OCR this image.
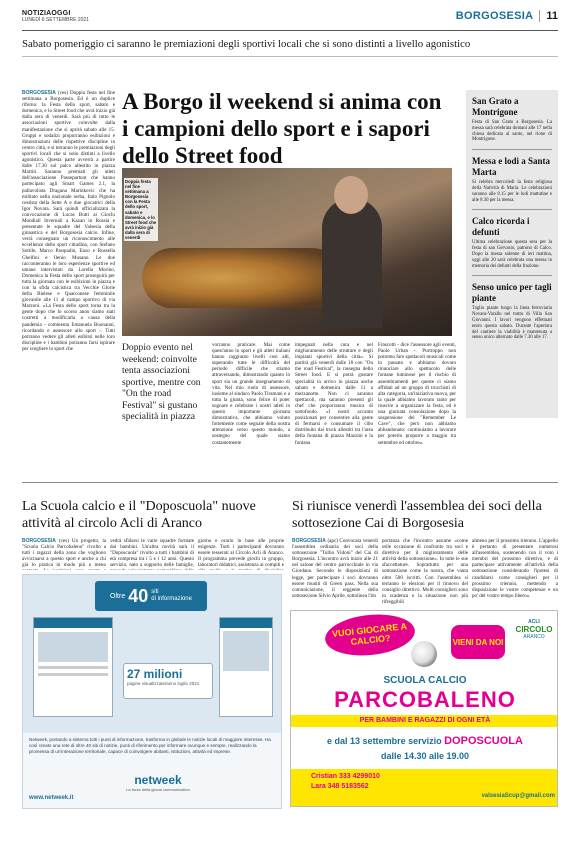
NOTIZIAOGGI
LUNEDÌ 6 SETTEMBRE 2021	BORGOSESIA	11
Sabato pomeriggio ci saranno le premiazioni degli sportivi locali che si sono distinti a livello agonistico
BORGOSESIA (ces) Doppia festa nel fine settimana a Borgosesia. Ed è un duplice riforno: la Festa dello sport, sabato e domenica, e lo Street food che avrà inizio già dalla sera di venerdì. Sarà più di tutto le associazioni sportive coinvolte dalla manifestazione che si aprirà sabato alle 15. Gruppi e sodalizi proporranno esibizioni e dimostrazioni delle rispettive discipline in centro città, e si terranno le premiazioni degli sportivi locali che si sono distinti a livello agonistico. Questa parte avverrà a partire dalle 17.30 sul palco allestito in piazza Martiri. Saranno premiati gli atleti dell'associazione Passepartout che hanno partecipato agli Smart Games 2.1, la pallavolista Dragana Marinkovic che ha militato nella nazionale serba, Italo Pignolo cestista della Sette A e due giocatrici della Igor Novara. Sarà quindi ufficializzata la convocazione di Lucas Butti ai Giochi Mondiali Invernali a Kazan in Russia e presentate le squadre del Valsesia della ginnastica e del Borgosesia calcio. Infine, verrà consegnato un riconoscimento alle eccellenze dello sport cittadino, con Stefano Sottile, Marco Pasqualin, Enzo e Rossella Ghelfini e Ilenio Musano. Le due racconteranno le loro esperienze sportive ed umane intervistati da Lorella Morino, Domenica la Festa dello sport proseguirà per tutta la giornata con le esibizioni in piazza e con la sfida calcistica tra Vecchie Glorie della Bielese e Quarconese femminile giovanile alle 11 al campo sportivo di via Marzoni. «La Festa dello sport torna tra la gente dopo che lo scorso anno siamo stati costretti a modificarla a causa della pandemia - commenta Emanuela Buonanni, ricordando e assessore allo sport -. Tutti potranno vedere gli atleti esibirsi nelle loro discipline e i bambini potranno farsi ispirare per scegliere lo sport che
A Borgo il weekend si anima con i campioni dello sport e i sapori dello Street food
Doppia festa nel fine settimana a Borgosesia con la Festa dello sport, sabato e domenica, e lo Street food che avrà inizio già dalla sera di venerdì
Doppio evento nel weekend: coinvolte tenta associazioni sportive, mentre con "On the road Festival" si gustano specialità in piazza
vorranno praticare. Mai come quest'anno lo sport e gli atleti italiani hanno raggiunto livelli così alti, superando tutte le difficoltà del periodo difficile che stiamo attraversando, dimostrando quanto lo sport sia un grande insegnamento di vita. Nel mio ruolo di assessore, insieme al sindaco Paolo Tiramani e a tutta la giunta, sono felice di poter sognare e celebrare i nostri atleti in questo importante giornata dimostrativa, che abbiamo voluto fortemente come segnale della nostra attenzione verso questo mondo, a sostegno del quale siamo costantemente
impegnati nella cura e nel miglioramento delle strutture e degli impianti sportivi della città». Si partirà già venerdì dalle 18 con "On the road Festival", la rassegna dello Street food. E si potrà gustare specialità in arrivo in piazza anche sabato e domenica dalle 11 a mezzanotte. Non ci saranno spettacoli, ma saranno presenti gli chef che proporranno musica di sottofondo. «I nostri accanto posizionati per consentire alla gente di fermarsi e consumare il cibo distribuito dai truck allestiti tra l'area della fontana di piazza Mazzini e la fontana
Frascotti - dice l'assessore agli eventi, Paolo Urban -. Purtroppo non potremo fare spettacoli musicali come in passato e abbiamo dovuto rinunciare allo spettacolo delle fontane luminose per il rischio di assembramenti per queste ci siamo affidati ad un gruppo di trucchisti di alta categoria, un'iniziativa nuova, per la quale abbiamo lavorato tanto per riuscire a organizzare la festa, ed è una giornata consolazione dopo la sospensione del "Remember Le Cave", che però non abbiamo abbandonato: continuiamo a lavorare per poterlo proporre a maggio tra settembre ed ottobre».
San Grato a Montrigone
Festa di San Grato a Borgosesia. La messa sarà celebrata domani alle 17 nella chiesa dedicata al santo, nel rione di Montrigone.
Messa e lodi a Santa Marta
Si celebra mercoledì la festa religiosa della Natività di Maria. Le celebrazioni saranno alle 8.15 per le lodi mattutine e alle 8.30 per la messa.
Calco ricorda i defunti
Ultima celebrazione questa sera per la festa di san Gervasio, patrono di Calco. Dopo la messa solenne di ieri mattina, oggi alle 20 sarà celebrata una messa in memoria dei defunti della frazione.
Senso unico per tagli piante
Taglio piante lungo la linea ferroviaria Novara-Varallo nel tratto di Villa San Giovanni. I lavori vengono effettuati entro questa sabato. Durante l'apertura del cantiere la viabilità è mantenuta a senso unico alternato dalle 7.30 alle 17.
La Scuola calcio e il "Doposcuola" nuove attività al circolo Acli di Aranco
BORGOSESIA (ces) Un progetto, la "Scuola Calcio Parcobaleno" rivolto a tutti i ragazzi della zona che vogliono avvicinarsi a questo sport e anche a chi già lo pratica in modo più o meno
vedrà sfidarsi le varie squadre formate dai bambini. Un'altra novità sarà il "Doposcuola" rivolto a tutti i bambini di età compresa tra i 5 e i 12 anni. Questo servizio, nato a supporto delle famiglie,
giorno e orario in base alle proprie esigenze. Tutti i partecipanti dovranno essere tesserati al Circolo Acli di Aranco. Il programma prevede giochi in gruppo, laboratori didattici, assistenza ai compiti e
Si riunisce venerdì l'assemblea dei soci della sottosezione Cai di Borgosesia
BORGOSESIA (apc) Convocata venerdì l'assemblea ordinaria dei soci della sottosezione "Tullio Vidoni" del Cai di Borgosesia. L'incontro avrà inizio alle 21 nel salone del centro parrocchiale in via Giordano. Secondo le disposizioni di legge, per partecipare i soci dovranno essere muniti di Green pass. Nella sua comunicazione, il reggente della sottosezione Silvio Aprile, sottolinea l'im
portanza che l'incontro assume «come utile occasione di confronto tra soci e direttivo per il miglioramento delle attività della sottosezione». In tutte le sue sfaccettature. Soprattutto per una sottosezione come la nostra, che vanta oltre 500 iscritti. Con l'assemblea si terranno le elezioni per il rinnovo del consiglio direttivo. Molti consiglieri sono in scadenza e la situazione non più rifreggibili
almeno per il prossimo triennio. L'appello è pertanto di presentare numerosi all'assemblea, sostenendo con il voto i membri del prossimo direttivo, e di partecipare attivamente all'attività della sottosezione considerando l'ipotesi di candidarsi come consiglieri per il prossimo triennio, mettendo a disposizione le vostre competenze e un po' del vostro tempo libero».
Oltre 40 siti
di informazione
27 milioni
pagine visualizzate/anno luglio 2021
Netweek, portando a sistema tutti i punti di informazione, trasforma in globale le notizie locali di maggiore interesse. Ha così creato una rete di oltre 40 siti di notizie, punti di riferimento per informare ovunque e sempre, realizzando la promessa di un'interazione territoriale, capace di coinvolgere abitanti, istituzioni, attività ed imprese.
netweek
La forza della glocal communication
www.netweek.it
VUOI GIOCARE A CALCIO?	VIENI DA NOI
ACLI
CIRCOLO
ARANCO
SCUOLA CALCIO
PARCOBALENO
PER BAMBINI E RAGAZZI DI OGNI ETÀ
e dal 13 settembre servizio DOPOSCUOLA
dalle 14.30 alle 19.00
Cristian 333 4299010
Lara 348 5183562
valsesiaScup@gmail.com
